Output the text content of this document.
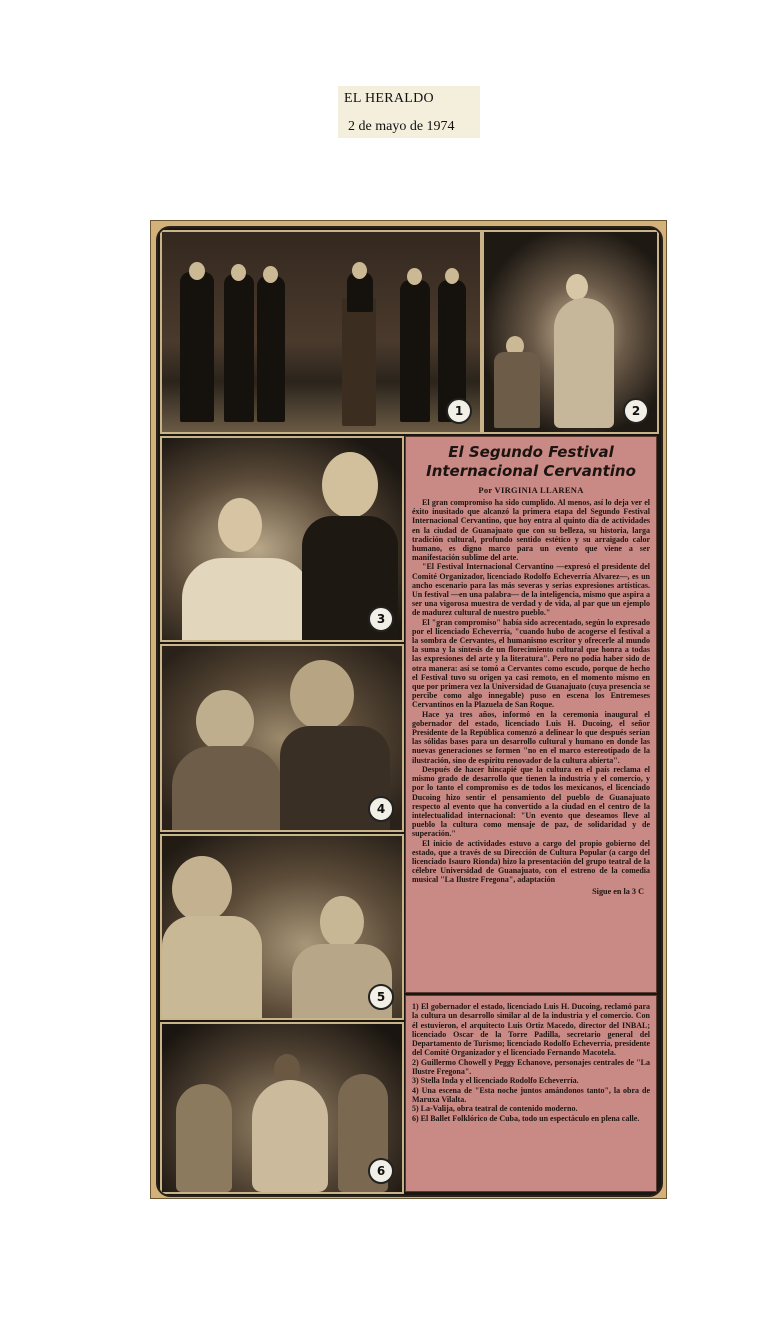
EL HERALDO
2 de mayo de 1974
1	2
3
4
5
6
El Segundo Festival
Internacional Cervantino
Por VIRGINIA LLARENA

El gran compromiso ha sido cumplido. Al menos, así lo deja ver el éxito inusitado que alcanzó la primera etapa del Segundo Festival Internacional Cervantino, que hoy entra al quinto día de actividades en la ciudad de Guanajuato que con su belleza, su historia, larga tradición cultural, profundo sentido estético y su arraigado calor humano, es digno marco para un evento que viene a ser manifestación sublime del arte.

"El Festival Internacional Cervantino —expresó el presidente del Comité Organizador, licenciado Rodolfo Echeverría Alvarez—, es un ancho escenario para las más severas y serias expresiones artísticas. Un festival —en una palabra— de la inteligencia, mismo que aspira a ser una vigorosa muestra de verdad y de vida, al par que un ejemplo de madurez cultural de nuestro pueblo."

El "gran compromiso" había sido acrecentado, según lo expresado por el licenciado Echeverría, "cuando hubo de acogerse el festival a la sombra de Cervantes, el humanismo escritor y ofrecerle al mundo la suma y la síntesis de un florecimiento cultural que honra a todas las expresiones del arte y la literatura". Pero no podía haber sido de otra manera: así se tomó a Cervantes como escudo, porque de hecho el Festival tuvo su origen ya casi remoto, en el momento mismo en que por primera vez la Universidad de Guanajuato (cuya presencia se percibe como algo innegable) puso en escena los Entremeses Cervantinos en la Plazuela de San Roque.

Hace ya tres años, informó en la ceremonia inaugural el gobernador del estado, licenciado Luis H. Ducoing, el señor Presidente de la República comenzó a delinear lo que después serían las sólidas bases para un desarrollo cultural y humano en donde las nuevas generaciones se formen "no en el marco estereotipado de la ilustración, sino de espíritu renovador de la cultura abierta".

Después de hacer hincapié que la cultura en el país reclama el mismo grado de desarrollo que tienen la industria y el comercio, y por lo tanto el compromiso es de todos los mexicanos, el licenciado Ducoing hizo sentir el pensamiento del pueblo de Guanajuato respecto al evento que ha convertido a la ciudad en el centro de la intelectualidad internacional: "Un evento que deseamos lleve al pueblo la cultura como mensaje de paz, de solidaridad y de superación."

El inicio de actividades estuvo a cargo del propio gobierno del estado, que a través de su Dirección de Cultura Popular (a cargo del licenciado Isauro Rionda) hizo la presentación del grupo teatral de la célebre Universidad de Guanajuato, con el estreno de la comedia musical "La Ilustre Fregona", adaptación

Sigue en la 3 C
1) El gobernador el estado, licenciado Luis H. Ducoing, reclamó para la cultura un desarrollo similar al de la industria y el comercio. Con él estuvieron, el arquitecto Luis Ortiz Macedo, director del INBAL; licenciado Oscar de la Torre Padilla, secretario general del Departamento de Turismo; licenciado Rodolfo Echeverría, presidente del Comité Organizador y el licenciado Fernando Macotela.
2) Guillermo Chowell y Peggy Echanove, personajes centrales de "La Ilustre Fregona".
3) Stella Inda y el licenciado Rodolfo Echeverría.
4) Una escena de "Esta noche juntos amándonos tanto", la obra de Maruxa Vilalta.
5) La-Valija, obra teatral de contenido moderno.
6) El Ballet Folklórico de Cuba, todo un espectáculo en plena calle.
